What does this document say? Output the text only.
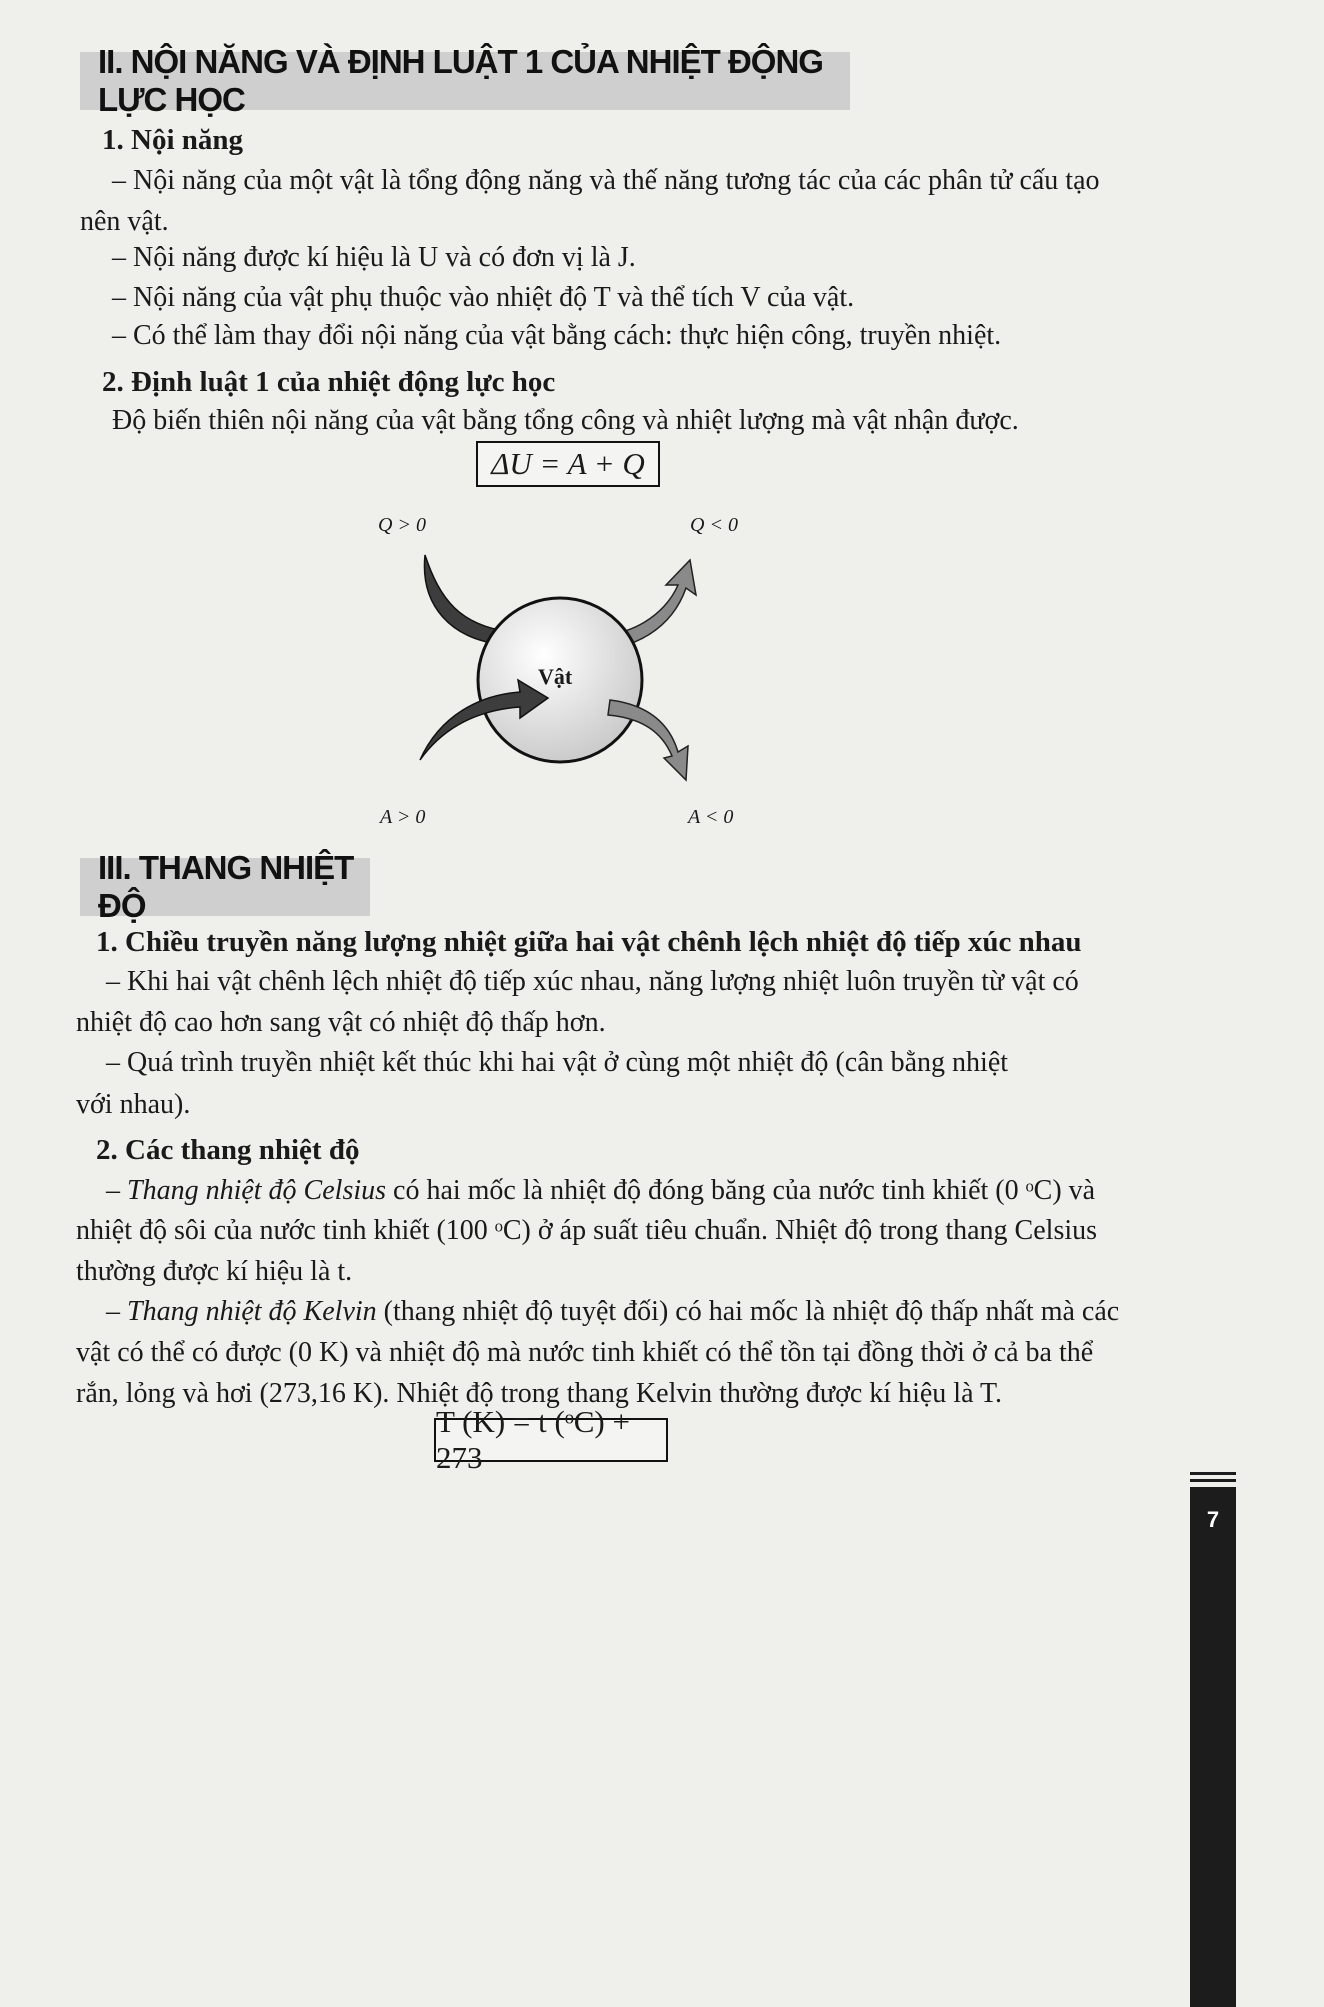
II. NỘI NĂNG VÀ ĐỊNH LUẬT 1 CỦA NHIỆT ĐỘNG LỰC HỌC
1. Nội năng
– Nội năng của một vật là tổng động năng và thế năng tương tác của các phân tử cấu tạo
nên vật.
– Nội năng được kí hiệu là U và có đơn vị là J.
– Nội năng của vật phụ thuộc vào nhiệt độ T và thể tích V của vật.
– Có thể làm thay đổi nội năng của vật bằng cách: thực hiện công, truyền nhiệt.
2. Định luật 1 của nhiệt động lực học
Độ biến thiên nội năng của vật bằng tổng công và nhiệt lượng mà vật nhận được.
ΔU = A + Q
Vật
Q > 0	Q < 0
A > 0	A < 0
III. THANG NHIỆT ĐỘ
1. Chiều truyền năng lượng nhiệt giữa hai vật chênh lệch nhiệt độ tiếp xúc nhau
– Khi hai vật chênh lệch nhiệt độ tiếp xúc nhau, năng lượng nhiệt luôn truyền từ vật có
nhiệt độ cao hơn sang vật có nhiệt độ thấp hơn.
– Quá trình truyền nhiệt kết thúc khi hai vật ở cùng một nhiệt độ (cân bằng nhiệt
với nhau).
2. Các thang nhiệt độ
– Thang nhiệt độ Celsius có hai mốc là nhiệt độ đóng băng của nước tinh khiết (0 ᵒC) và
nhiệt độ sôi của nước tinh khiết (100 ᵒC) ở áp suất tiêu chuẩn. Nhiệt độ trong thang Celsius
thường được kí hiệu là t.
– Thang nhiệt độ Kelvin (thang nhiệt độ tuyệt đối) có hai mốc là nhiệt độ thấp nhất mà các
vật có thể có được (0 K) và nhiệt độ mà nước tinh khiết có thể tồn tại đồng thời ở cả ba thể
rắn, lỏng và hơi (273,16 K). Nhiệt độ trong thang Kelvin thường được kí hiệu là T.
T (K) = t (ᵒC) + 273
7
